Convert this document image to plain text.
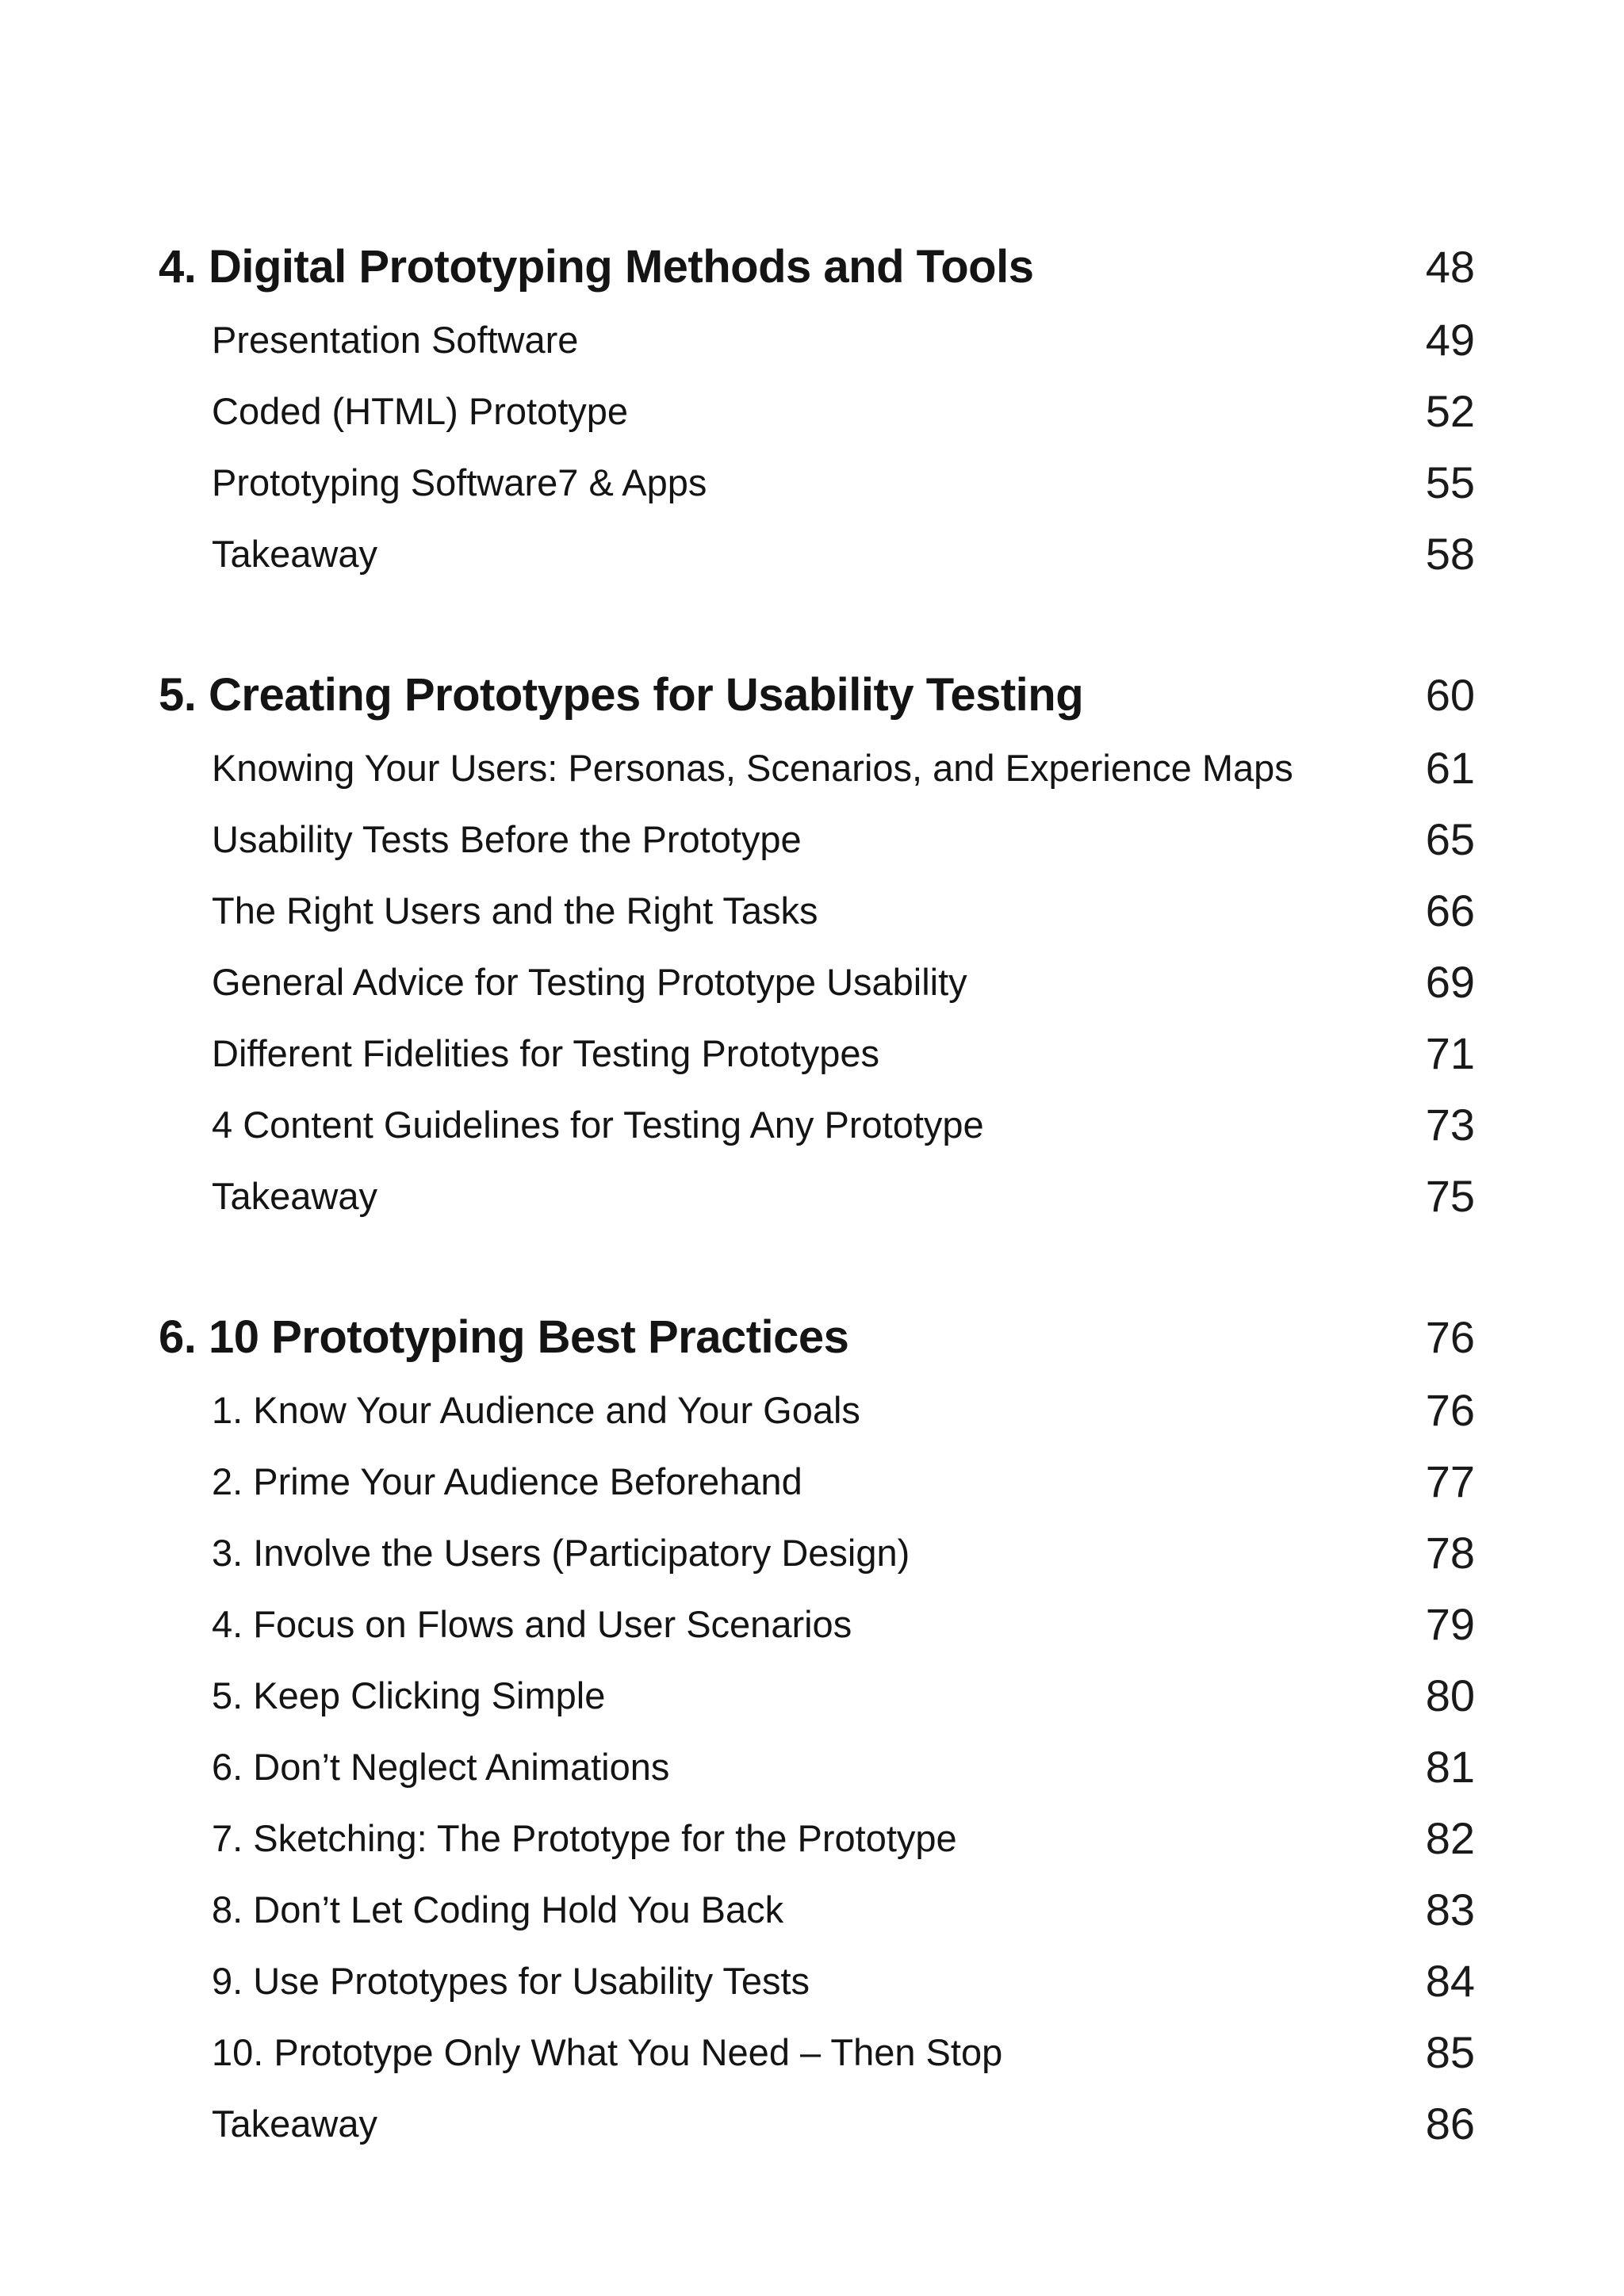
4. Digital Prototyping Methods and Tools	48
Presentation Software	49
Coded (HTML) Prototype	52
Prototyping Software7 & Apps	55
Takeaway	58
5. Creating Prototypes for Usability Testing	60
Knowing Your Users: Personas, Scenarios, and Experience Maps	61
Usability Tests Before the Prototype	65
The Right Users and the Right Tasks	66
General Advice for Testing Prototype Usability	69
Different Fidelities for Testing Prototypes	71
4 Content Guidelines for Testing Any Prototype	73
Takeaway	75
6. 10 Prototyping Best Practices	76
1. Know Your Audience and Your Goals	76
2. Prime Your Audience Beforehand	77
3. Involve the Users (Participatory Design)	78
4. Focus on Flows and User Scenarios	79
5. Keep Clicking Simple	80
6. Don’t Neglect Animations	81
7. Sketching: The Prototype for the Prototype	82
8. Don’t Let Coding Hold You Back	83
9. Use Prototypes for Usability Tests	84
10. Prototype Only What You Need – Then Stop	85
Takeaway	86
